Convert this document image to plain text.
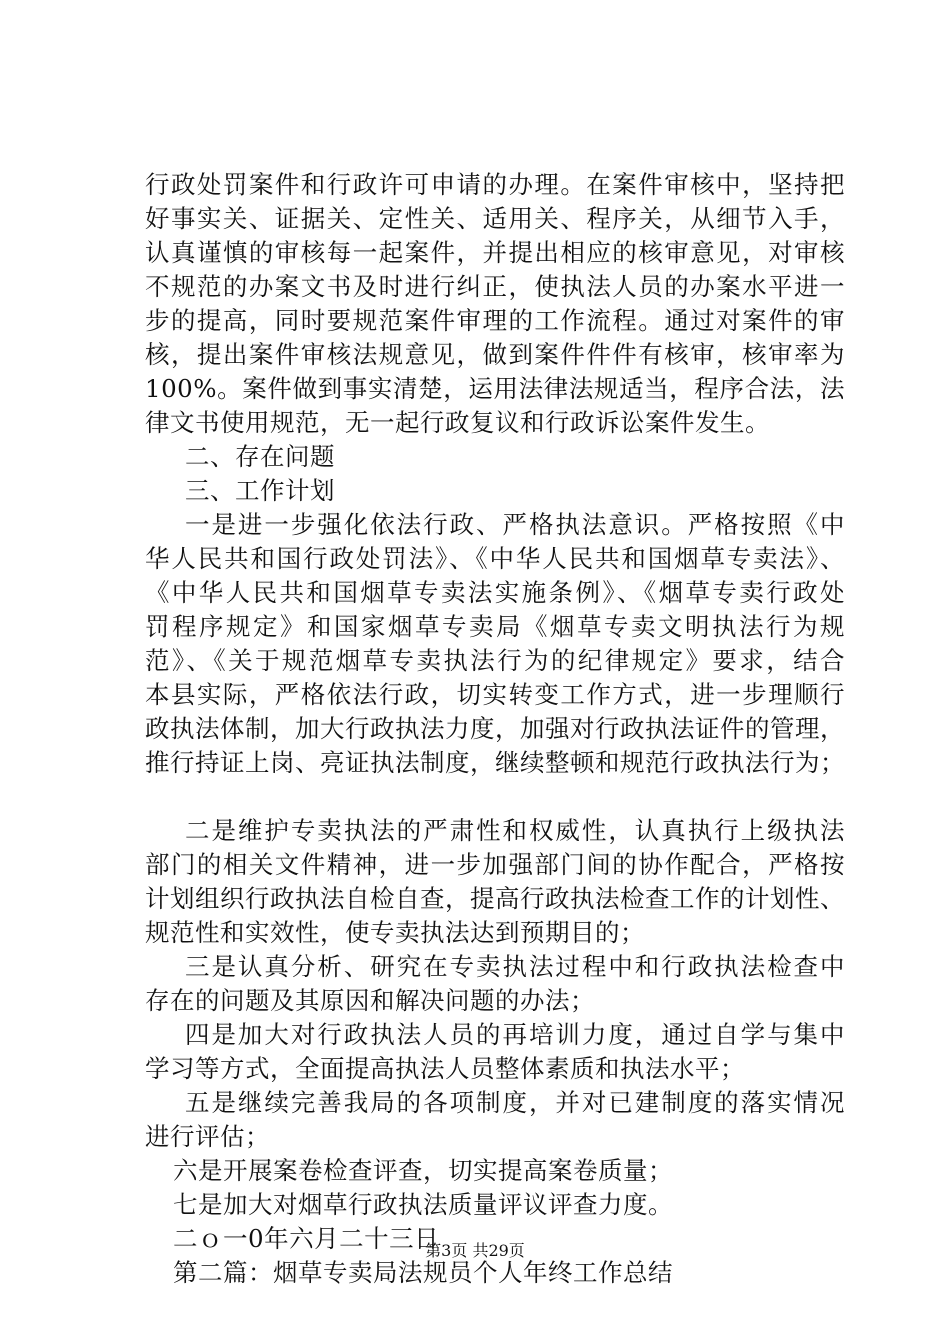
行政处罚案件和行政许可申请的办理。在案件审核中，坚持把
好事实关、证据关、定性关、适用关、程序关，从细节入手，
认真谨慎的审核每一起案件，并提出相应的核审意见，对审核
不规范的办案文书及时进行纠正，使执法人员的办案水平进一
步的提高，同时要规范案件审理的工作流程。通过对案件的审
核，提出案件审核法规意见，做到案件件件有核审，核审率为
100%。案件做到事实清楚，运用法律法规适当，程序合法，法
律文书使用规范，无一起行政复议和行政诉讼案件发生。
二、存在问题
三、工作计划
一是进一步强化依法行政、严格执法意识。严格按照《中
华人民共和国行政处罚法》、《中华人民共和国烟草专卖法》、
《中华人民共和国烟草专卖法实施条例》、《烟草专卖行政处
罚程序规定》和国家烟草专卖局《烟草专卖文明执法行为规
范》、《关于规范烟草专卖执法行为的纪律规定》要求，结合
本县实际，严格依法行政，切实转变工作方式，进一步理顺行
政执法体制，加大行政执法力度，加强对行政执法证件的管理，
推行持证上岗、亮证执法制度，继续整顿和规范行政执法行为；
二是维护专卖执法的严肃性和权威性，认真执行上级执法
部门的相关文件精神，进一步加强部门间的协作配合，严格按
计划组织行政执法自检自查，提高行政执法检查工作的计划性、
规范性和实效性，使专卖执法达到预期目的；
三是认真分析、研究在专卖执法过程中和行政执法检查中
存在的问题及其原因和解决问题的办法；
四是加大对行政执法人员的再培训力度，通过自学与集中
学习等方式，全面提高执法人员整体素质和执法水平；
五是继续完善我局的各项制度，并对已建制度的落实情况
进行评估；
六是开展案卷检查评查，切实提高案卷质量；
七是加大对烟草行政执法质量评议评查力度。
二ｏ一0年六月二十三日
第二篇：烟草专卖局法规员个人年终工作总结
第3页 共29页
